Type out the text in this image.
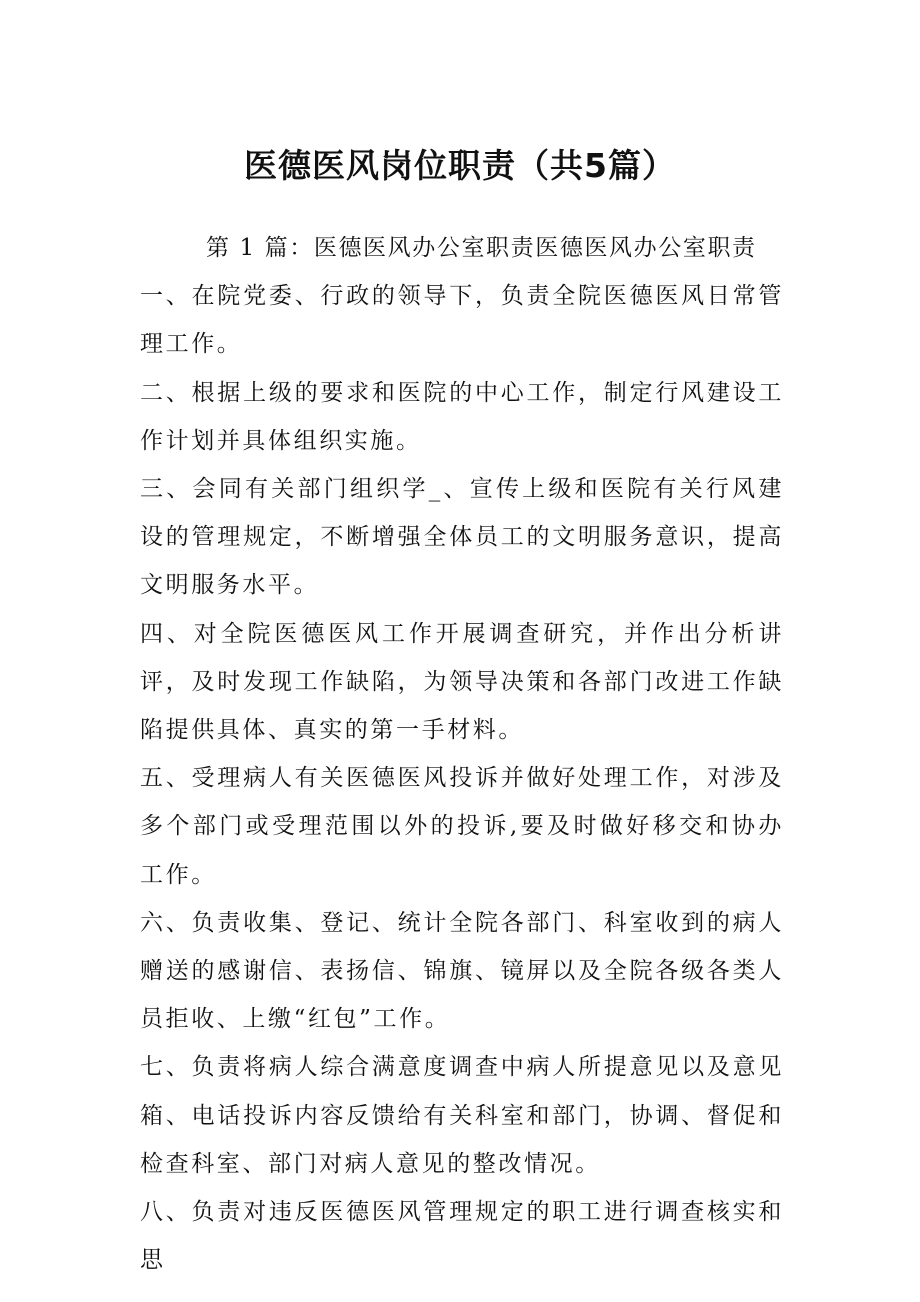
医德医风岗位职责（共5篇）

第 1 篇：医德医风办公室职责医德医风办公室职责

一、在院党委、行政的领导下，负责全院医德医风日常管理工作。

二、根据上级的要求和医院的中心工作，制定行风建设工作计划并具体组织实施。

三、会同有关部门组织学_、宣传上级和医院有关行风建设的管理规定，不断增强全体员工的文明服务意识，提高文明服务水平。

四、对全院医德医风工作开展调查研究，并作出分析讲评，及时发现工作缺陷，为领导决策和各部门改进工作缺陷提供具体、真实的第一手材料。

五、受理病人有关医德医风投诉并做好处理工作，对涉及多个部门或受理范围以外的投诉,要及时做好移交和协办工作。

六、负责收集、登记、统计全院各部门、科室收到的病人赠送的感谢信、表扬信、锦旗、镜屏以及全院各级各类人员拒收、上缴“红包”工作。

七、负责将病人综合满意度调查中病人所提意见以及意见箱、电话投诉内容反馈给有关科室和部门，协调、督促和检查科室、部门对病人意见的整改情况。

八、负责对违反医德医风管理规定的职工进行调查核实和思
